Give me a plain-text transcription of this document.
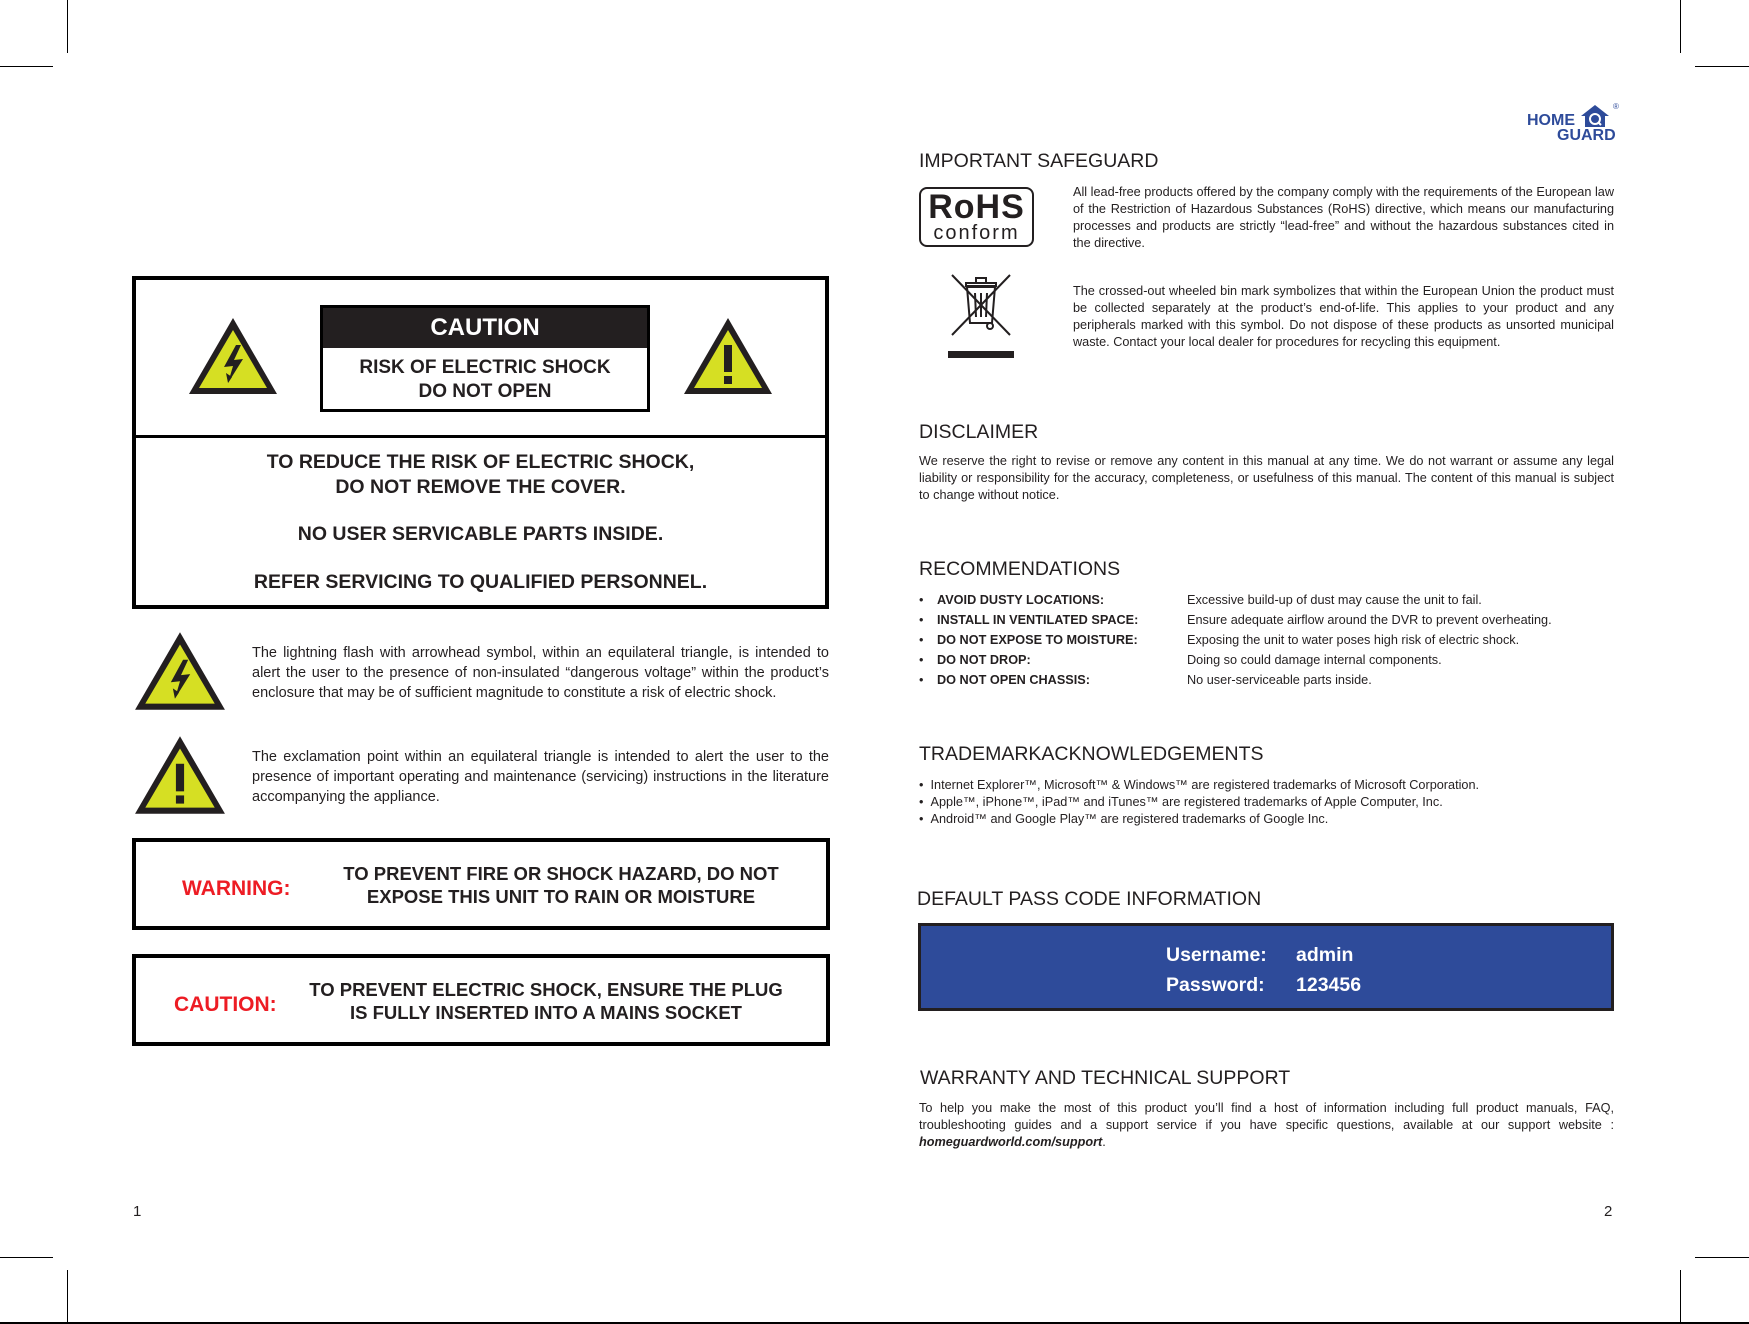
CAUTION
RISK OF ELECTRIC SHOCK
DO NOT OPEN
TO REDUCE THE RISK OF ELECTRIC SHOCK,
DO NOT REMOVE THE COVER.
NO USER SERVICABLE PARTS INSIDE.
REFER SERVICING TO QUALIFIED PERSONNEL.
The lightning flash with arrowhead symbol, within an equilateral triangle, is intended to alert the user to the presence of non-insulated “dangerous voltage” within the product’s enclosure that may be of sufficient magnitude to constitute a risk of electric shock.
The exclamation point within an equilateral triangle is intended to alert the user to the presence of important operating and maintenance (servicing) instructions in the literature accompanying the appliance.
WARNING:
TO PREVENT FIRE OR SHOCK HAZARD, DO NOT
EXPOSE THIS UNIT TO RAIN OR MOISTURE
CAUTION:
TO PREVENT ELECTRIC SHOCK, ENSURE THE PLUG
IS FULLY INSERTED INTO A MAINS SOCKET
1
HOME
®
GUARD
IMPORTANT SAFEGUARD
RoHS
conform
All lead-free products offered by the company comply with the requirements of the European law of the Restriction of Hazardous Substances (RoHS) directive, which means our manufacturing processes and products are strictly “lead-free” and without the hazardous substances cited in the directive.
The crossed-out wheeled bin mark symbolizes that within the European Union the product must be collected separately at the product’s end-of-life. This applies to your product and any peripherals marked with this symbol. Do not dispose of these products as unsorted municipal waste. Contact your local dealer for procedures for recycling this equipment.
DISCLAIMER
We reserve the right to revise or remove any content in this manual at any time. We do not warrant or assume any legal liability or responsibility for the accuracy, completeness, or usefulness of this manual. The content of this manual is subject to change without notice.
RECOMMENDATIONS
• AVOID DUSTY LOCATIONS:	Excessive build-up of dust may cause the unit to fail.
• INSTALL IN VENTILATED SPACE:	Ensure adequate airflow around the DVR to prevent overheating.
• DO NOT EXPOSE TO MOISTURE:	Exposing the unit to water poses high risk of electric shock.
• DO NOT DROP:	Doing so could damage internal components.
• DO NOT OPEN CHASSIS:	No user-serviceable parts inside.
TRADEMARKACKNOWLEDGEMENTS
•  Internet Explorer™, Microsoft™ & Windows™ are registered trademarks of Microsoft Corporation.
•  Apple™, iPhone™, iPad™ and iTunes™ are registered trademarks of Apple Computer, Inc.
•  Android™ and Google Play™ are registered trademarks of Google Inc.
DEFAULT PASS CODE INFORMATION
Username: admin
Password: 123456
WARRANTY AND TECHNICAL SUPPORT
To help you make the most of this product you’ll find a host of information including full product manuals, FAQ, troubleshooting guides and a support service if you have specific questions, available at our support website : homeguardworld.com/support.
2
